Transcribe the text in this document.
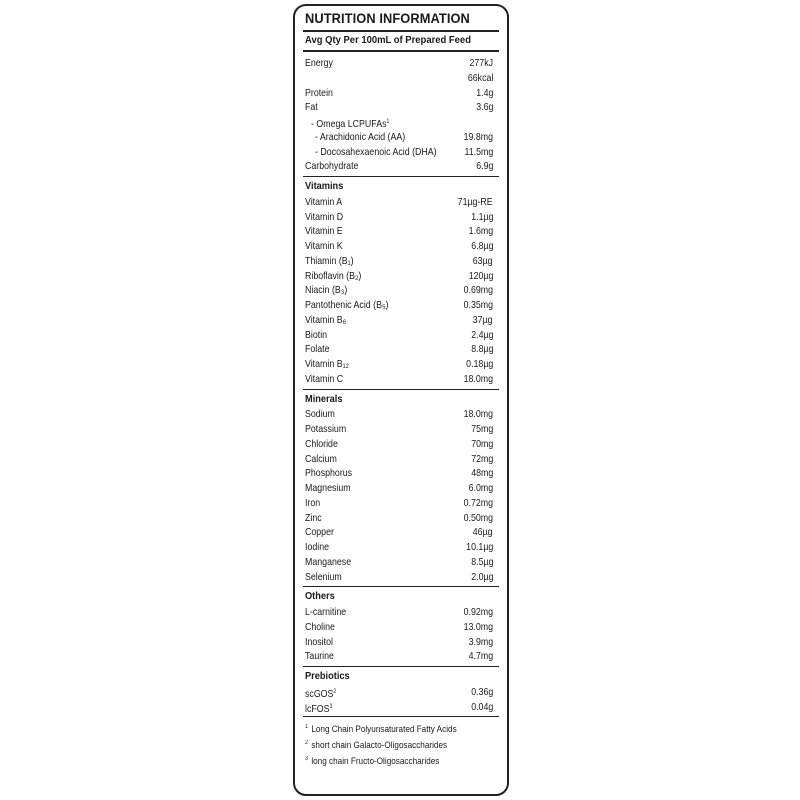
NUTRITION INFORMATION
Avg Qty Per 100mL of Prepared Feed
Energy	277kJ
66kcal
Protein	1.4g
Fat	3.6g
- Omega LCPUFAs$^1$
- Arachidonic Acid (AA)	19.8mg
- Docosahexaenoic Acid (DHA)	11.5mg
Carbohydrate	6.9g
Vitamins
Vitamin A	71µg-RE
Vitamin D	1.1µg
Vitamin E	1.6mg
Vitamin K	6.8µg
Thiamin (B₁)	63µg
Riboflavin (B₂)	120µg
Niacin (B₃)	0.69mg
Pantothenic Acid (B₅)	0.35mg
Vitamin B₆	37µg
Biotin	2.4µg
Folate	8.8µg
Vitamin B₁₂	0.18µg
Vitamin C	18.0mg
Minerals
Sodium	18.0mg
Potassium	75mg
Chloride	70mg
Calcium	72mg
Phosphorus	48mg
Magnesium	6.0mg
Iron	0.72mg
Zinc	0.50mg
Copper	46µg
Iodine	10.1µg
Manganese	8.5µg
Selenium	2.0µg
Others
L-carnitine	0.92mg
Choline	13.0mg
Inositol	3.9mg
Taurine	4.7mg
Prebiotics
scGOS$^2$	0.36g
lcFOS$^3$	0.04g
$^1$ Long Chain Polyunsaturated Fatty Acids
$^2$ short chain Galacto-Oligosaccharides
$^3$ long chain Fructo-Oligosaccharides
